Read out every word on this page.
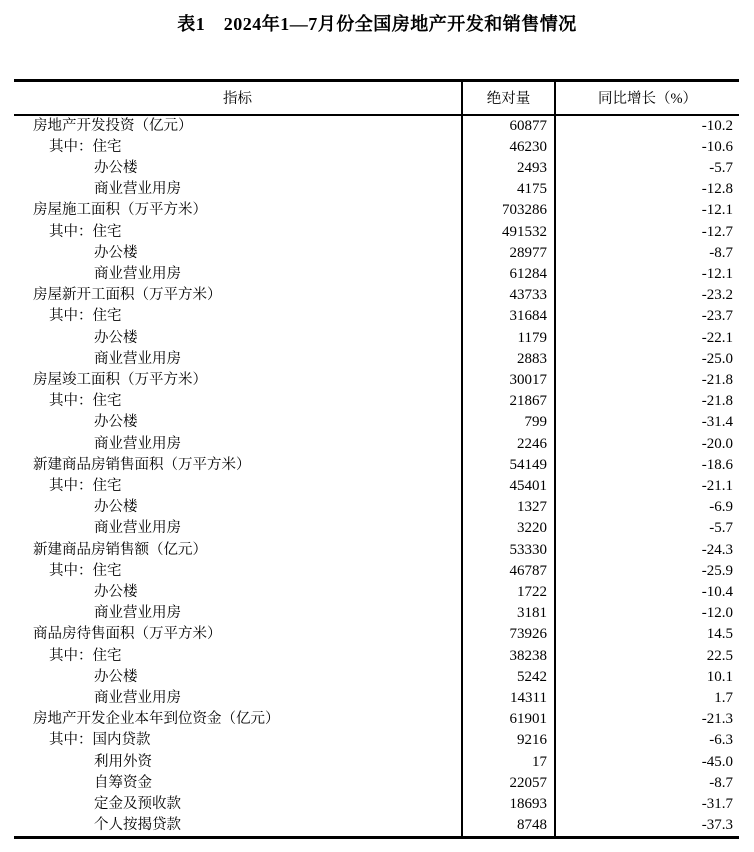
表1　2024年1—7月份全国房地产开发和销售情况
指标	绝对量	同比增长（%）
房地产开发投资（亿元）	60877	-10.2
其中：住宅	46230	-10.6
办公楼	2493	-5.7
商业营业用房	4175	-12.8
房屋施工面积（万平方米）	703286	-12.1
其中：住宅	491532	-12.7
办公楼	28977	-8.7
商业营业用房	61284	-12.1
房屋新开工面积（万平方米）	43733	-23.2
其中：住宅	31684	-23.7
办公楼	1179	-22.1
商业营业用房	2883	-25.0
房屋竣工面积（万平方米）	30017	-21.8
其中：住宅	21867	-21.8
办公楼	799	-31.4
商业营业用房	2246	-20.0
新建商品房销售面积（万平方米）	54149	-18.6
其中：住宅	45401	-21.1
办公楼	1327	-6.9
商业营业用房	3220	-5.7
新建商品房销售额（亿元）	53330	-24.3
其中：住宅	46787	-25.9
办公楼	1722	-10.4
商业营业用房	3181	-12.0
商品房待售面积（万平方米）	73926	14.5
其中：住宅	38238	22.5
办公楼	5242	10.1
商业营业用房	14311	1.7
房地产开发企业本年到位资金（亿元）	61901	-21.3
其中：国内贷款	9216	-6.3
利用外资	17	-45.0
自筹资金	22057	-8.7
定金及预收款	18693	-31.7
个人按揭贷款	8748	-37.3
